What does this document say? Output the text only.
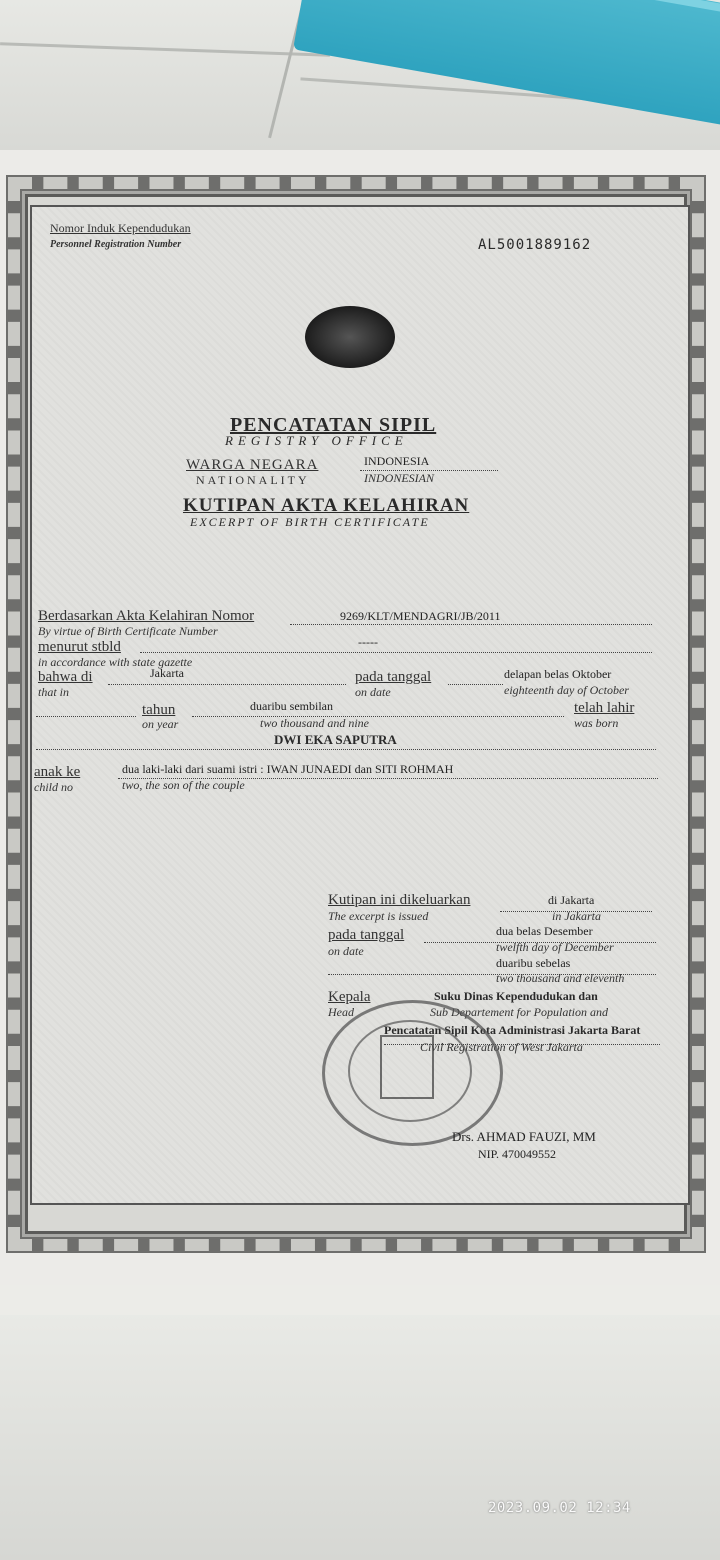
Nomor Induk Kependudukan
Personnel Registration Number	AL5001889162
PENCATATAN SIPIL
REGISTRY OFFICE
WARGA NEGARA
NATIONALITY
INDONESIA
INDONESIAN
KUTIPAN AKTA KELAHIRAN
EXCERPT OF BIRTH CERTIFICATE
Berdasarkan Akta Kelahiran Nomor
By virtue of Birth Certificate Number
9269/KLT/MENDAGRI/JB/2011
menurut stbld	-----
in accordance with state gazette
bahwa di
that in
Jakarta	pada tanggal
on date
delapan belas Oktober
eighteenth day of October
tahun
on year
duaribu sembilan
two thousand and nine
telah lahir
was born
DWI EKA SAPUTRA
anak ke
child no
dua laki-laki dari suami istri : IWAN JUNAEDI dan SITI ROHMAH
two, the son of the couple
Kutipan ini dikeluarkan
The excerpt is issued
di Jakarta
in Jakarta
pada tanggal
on date
dua belas Desember
twelfth day of December
duaribu sebelas
two thousand and eleventh
Kepala
Head
Suku Dinas Kependudukan dan
Sub Departement for Population and
Pencatatan Sipil Kota Administrasi Jakarta Barat
Civil Registration of West Jakarta
Drs. AHMAD FAUZI, MM
NIP. 470049552
2023.09.02 12:34
